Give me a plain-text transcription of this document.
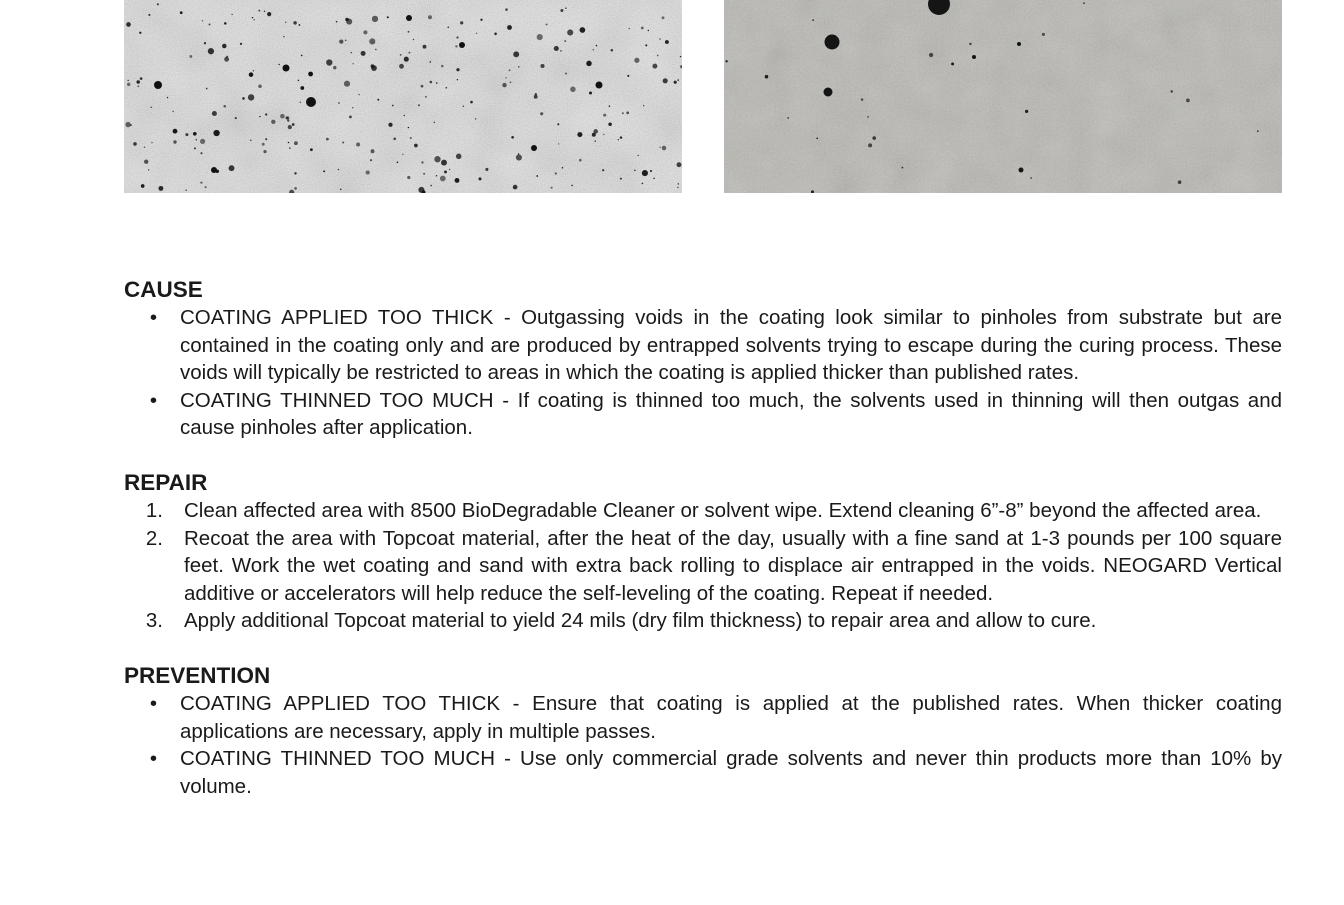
CAUSE
• COATING APPLIED TOO THICK - Outgassing voids in the coating look similar to pinholes from substrate but are contained in the coating only and are produced by entrapped solvents trying to escape during the curing process. These voids will typically be restricted to areas in which the coating is applied thicker than published rates.
• COATING THINNED TOO MUCH - If coating is thinned too much, the solvents used in thinning will then outgas and cause pinholes after application.
REPAIR
1. Clean affected area with 8500 BioDegradable Cleaner or solvent wipe. Extend cleaning 6”-8” beyond the affected area.
2. Recoat the area with Topcoat material, after the heat of the day, usually with a fine sand at 1-3 pounds per 100 square feet. Work the wet coating and sand with extra back rolling to displace air entrapped in the voids. NEOGARD Vertical additive or accelerators will help reduce the self-leveling of the coating. Repeat if needed.
3. Apply additional Topcoat material to yield 24 mils (dry film thickness) to repair area and allow to cure.
PREVENTION
• COATING APPLIED TOO THICK - Ensure that coating is applied at the published rates. When thicker coating applications are necessary, apply in multiple passes.
• COATING THINNED TOO MUCH - Use only commercial grade solvents and never thin products more than 10% by volume.
